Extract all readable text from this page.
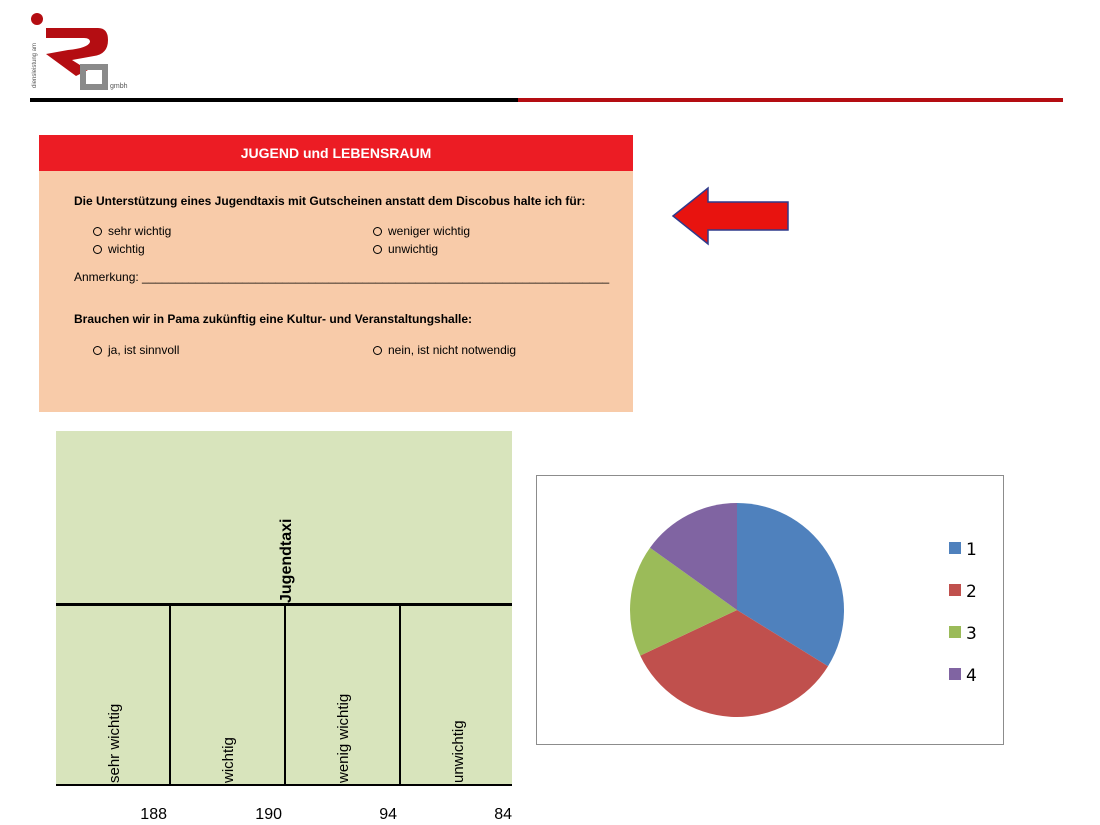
diensleistung am	gmbh
JUGEND und LEBENSRAUM
Die Unterstützung eines Jugendtaxis mit Gutscheinen anstatt dem Discobus halte ich für:
sehr wichtig
wichtig
weniger wichtig
unwichtig
Anmerkung: ______________________________________________________________________
Brauchen wir in Pama zukünftig eine Kultur- und Veranstaltungshalle:
ja, ist sinnvoll	nein, ist nicht notwendig
Jugendtaxi
sehr wichtig	wichtig	wenig wichtig	unwichtig
188	190	94	84
1
2
3
4
